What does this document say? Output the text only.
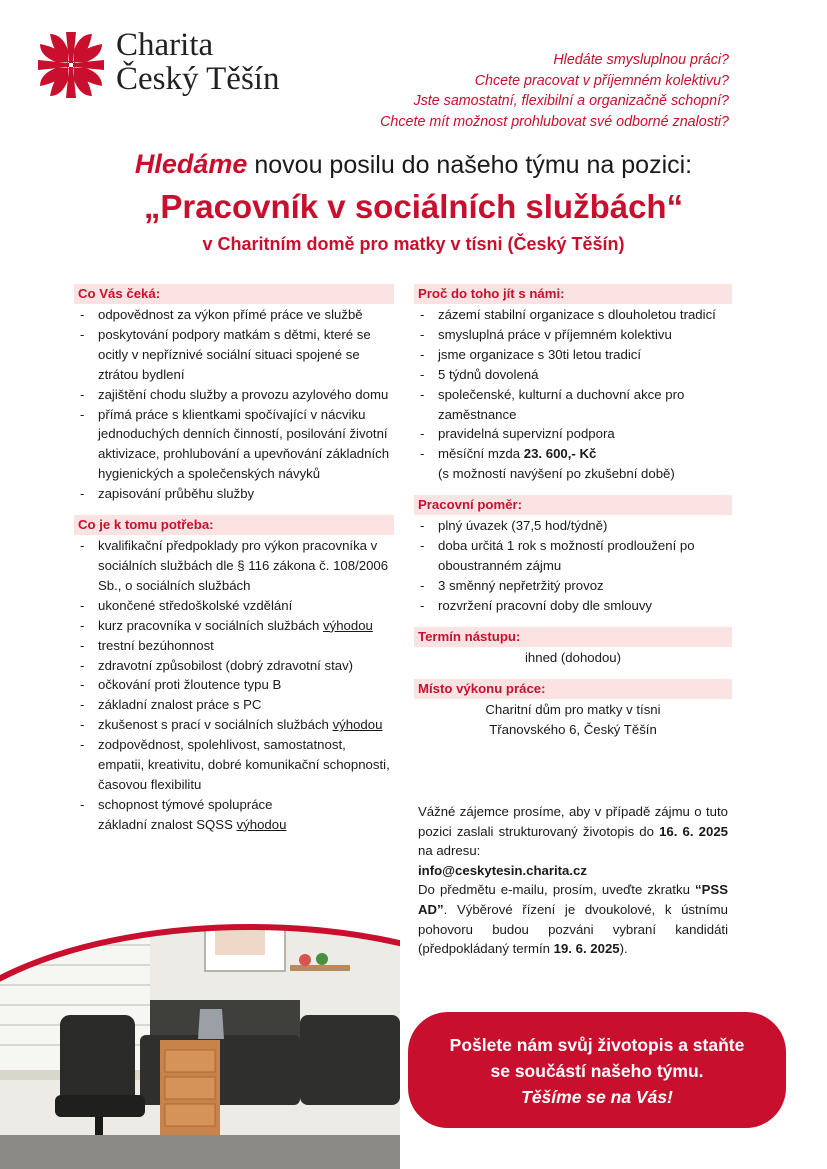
Charita
Český Těšín
Hledáte smysluplnou práci?
Chcete pracovat v příjemném kolektivu?
Jste samostatní, flexibilní a organizačně schopní?
Chcete mít možnost prohlubovat své odborné znalosti?
Hledáme novou posilu do našeho týmu na pozici:
„Pracovník v sociálních službách“
v Charitním domě pro matky v tísni (Český Těšín)
Co Vás čeká:
- odpovědnost za výkon přímé práce ve službě
- poskytování podpory matkám s dětmi, které se ocitly v nepříznivé sociální situaci spojené se ztrátou bydlení
- zajištění chodu služby a provozu azylového domu
- přímá práce s klientkami spočívající v nácviku jednoduchých denních činností, posilování životní aktivizace, prohlubování a upevňování základních hygienických a společenských návyků
- zapisování průběhu služby
Co je k tomu potřeba:
- kvalifikační předpoklady pro výkon pracovníka v sociálních službách dle § 116 zákona č. 108/2006 Sb., o sociálních službách
- ukončené středoškolské vzdělání
- kurz pracovníka v sociálních službách výhodou
- trestní bezúhonnost
- zdravotní způsobilost (dobrý zdravotní stav)
- očkování proti žloutence typu B
- základní znalost práce s PC
- zkušenost s prací v sociálních službách výhodou
- zodpovědnost, spolehlivost, samostatnost, empatii, kreativitu, dobré komunikační schopnosti, časovou flexibilitu
- schopnost týmové spolupráce
základní znalost SQSS výhodou
Proč do toho jít s námi:
- zázemí stabilní organizace s dlouholetou tradicí
- smysluplná práce v příjemném kolektivu
- jsme organizace s 30ti letou tradicí
- 5 týdnů dovolená
- společenské, kulturní a duchovní akce pro zaměstnance
- pravidelná supervizní podpora
- měsíční mzda 23. 600,- Kč
(s možností navýšení po zkušební době)
Pracovní poměr:
- plný úvazek (37,5 hod/týdně)
- doba určitá 1 rok s možností prodloužení po oboustranném zájmu
- 3 směnný nepřetržitý provoz
- rozvržení pracovní doby dle smlouvy
Termín nástupu:
ihned (dohodou)
Místo výkonu práce:
Charitní dům pro matky v tísni
Třanovského 6, Český Těšín
Vážné zájemce prosíme, aby v případě zájmu o tuto pozici zaslali strukturovaný životopis do 16. 6. 2025 na adresu:
info@ceskytesin.charita.cz
Do předmětu e-mailu, prosím, uveďte zkratku “PSS AD”. Výběrové řízení je dvoukolové, k ústnímu pohovoru budou pozváni vybraní kandidáti (předpokládaný termín 19. 6. 2025).
Pošlete nám svůj životopis a staňte
se součástí našeho týmu.
Těšíme se na Vás!
